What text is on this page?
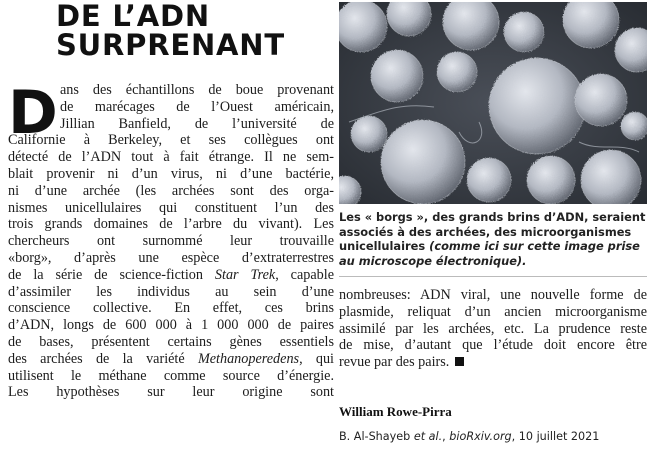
DE L’ADN
SURPRENANT
D ans des échantillons de boue provenant
de marécages de l’Ouest américain,
Jillian Banfield, de l’université de
Californie à Berkeley, et ses collègues ont
détecté de l’ADN tout à fait étrange. Il ne sem-
blait provenir ni d’un virus, ni d’une bactérie,
ni d’une archée (les archées sont des orga-
nismes unicellulaires qui constituent l’un des
trois grands domaines de l’arbre du vivant). Les
chercheurs ont surnommé leur trouvaille
«borg», d’après une espèce d’extraterrestres
de la série de science-fiction Star Trek, capable
d’assimiler les individus au sein d’une
conscience collective. En effet, ces brins
d’ADN, longs de 600 000 à 1 000 000 de paires
de bases, présentent certains gènes essentiels
des archées de la variété Methanoperedens, qui
utilisent le méthane comme source d’énergie.
Les hypothèses sur leur origine sont
Les « borgs », des grands brins d’ADN, seraient associés à des archées, des microorganismes unicellulaires (comme ici sur cette image prise au microscope électronique).
nombreuses: ADN viral, une nouvelle forme de
plasmide, reliquat d’un ancien microorganisme
assimilé par les archées, etc. La prudence reste
de mise, d’autant que l’étude doit encore être
revue par des pairs.
William Rowe-Pirra
B. Al-Shayeb et al., bioRxiv.org, 10 juillet 2021
